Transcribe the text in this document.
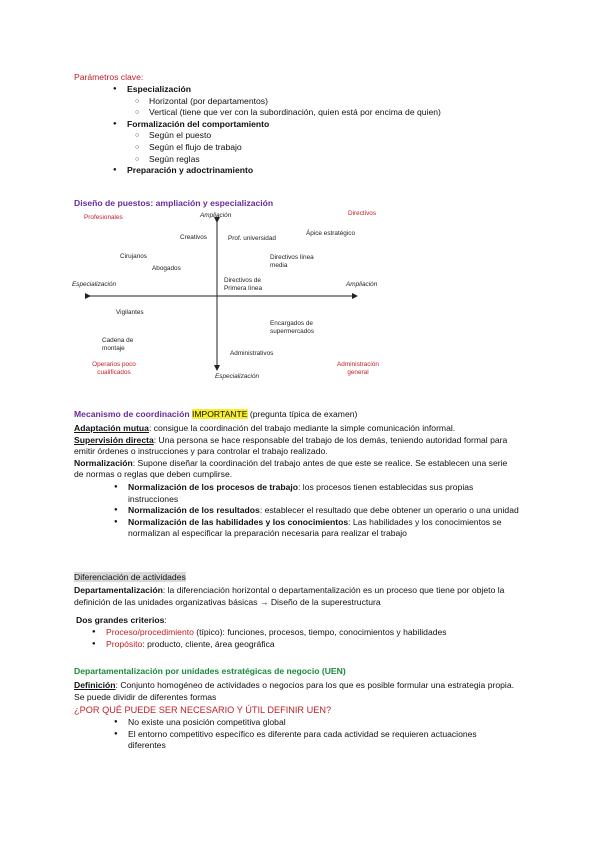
Parámetros clave:
● Especialización
○ Horizontal (por departamentos)
○ Vertical (tiene que ver con la subordinación, quien está por encima de quien)
● Formalización del comportamiento
○ Según el puesto
○ Según el flujo de trabajo
○ Según reglas
● Preparación y adoctrinamiento
Diseño de puestos: ampliación y especialización
Ampliación
Especialización
Especialización	Ampliación
Profesionales
Directivos
Operarios poco cualificados
Administración general
Creativos	Prof. universidad
Ápice estratégico
Cirujanos
Abogados
Directivos línea media
Directivos de Primera línea
Vigilantes
Cadena de montaje
Encargados de supermercados
Administrativos
Mecanismo de coordinación IMPORTANTE (pregunta típica de examen)
Adaptación mutua: consigue la coordinación del trabajo mediante la simple comunicación informal.
Supervisión directa: Una persona se hace responsable del trabajo de los demás, teniendo autoridad formal para emitir órdenes o instrucciones y para controlar el trabajo realizado.
Normalización: Supone diseñar la coordinación del trabajo antes de que este se realice. Se establecen una serie de normas o reglas que deben cumplirse.
● Normalización de los procesos de trabajo: los procesos tienen establecidas sus propias instrucciones
● Normalización de los resultados: establecer el resultado que debe obtener un operario o una unidad
● Normalización de las habilidades y los conocimientos: Las habilidades y los conocimientos se normalizan al especificar la preparación necesaria para realizar el trabajo
Diferenciación de actividades
Departamentalización: la diferenciación horizontal o departamentalización es un proceso que tiene por objeto la definición de las unidades organizativas básicas → Diseño de la superestructura
Dos grandes criterios:
● Proceso/procedimiento (típico): funciones, procesos, tiempo, conocimientos y habilidades
● Propósito: producto, cliente, área geográfica
Departamentalización por unidades estratégicas de negocio (UEN)
Definición: Conjunto homogéneo de actividades o negocios para los que es posible formular una estrategia propia. Se puede dividir de diferentes formas
¿POR QUÉ PUEDE SER NECESARIO Y ÚTIL DEFINIR UEN?
● No existe una posición competitiva global
● El entorno competitivo específico es diferente para cada actividad se requieren actuaciones diferentes
